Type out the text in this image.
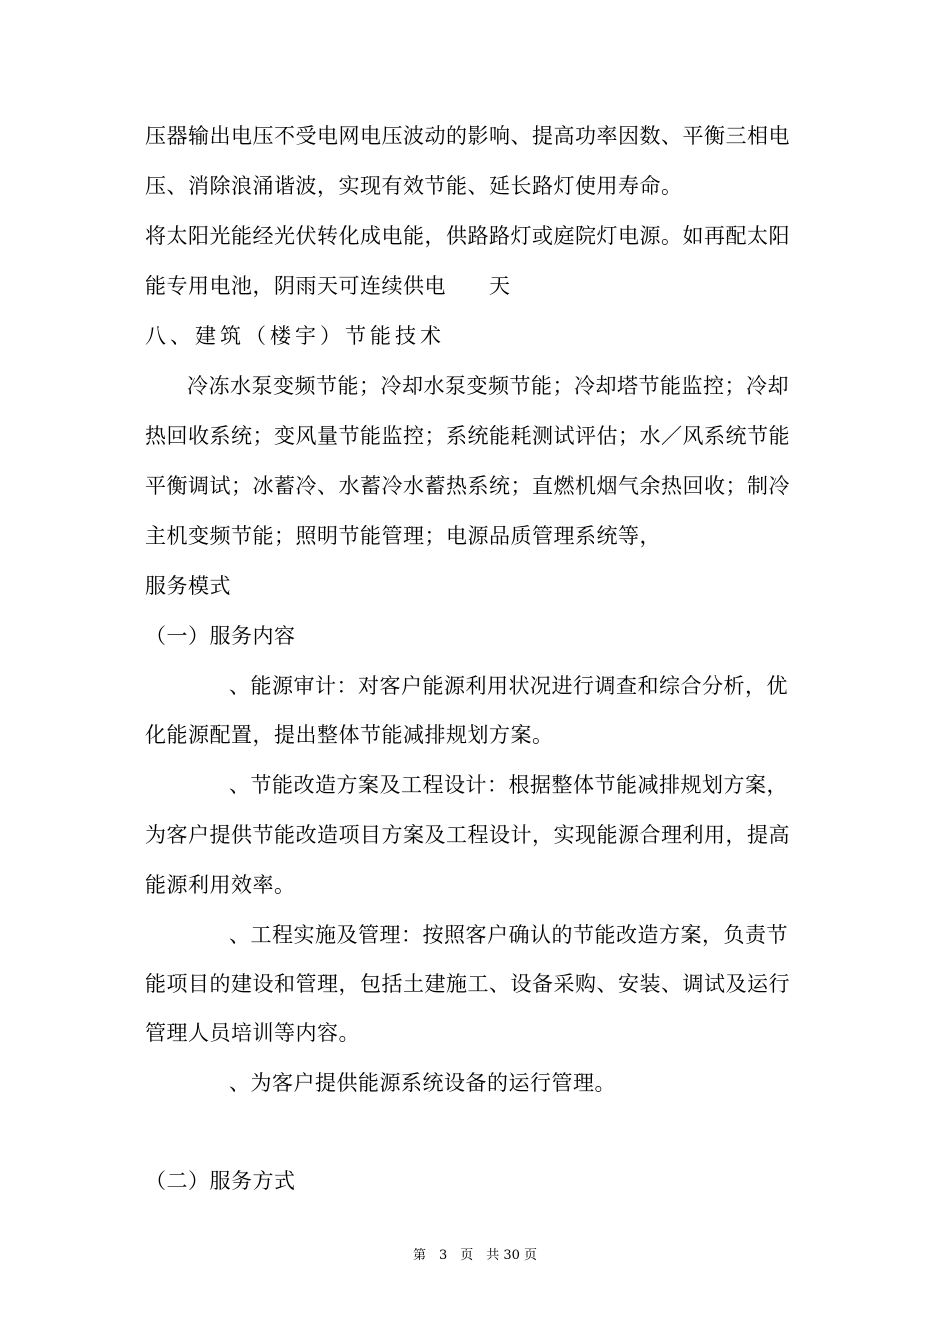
压器输出电压不受电网电压波动的影响、提高功率因数、平衡三相电
压、消除浪涌谐波，实现有效节能、延长路灯使用寿命。
将太阳光能经光伏转化成电能，供路路灯或庭院灯电源。如再配太阳
能专用电池，阴雨天可连续供电　　天
八、建筑（楼宇）节能技术
冷冻水泵变频节能；冷却水泵变频节能；冷却塔节能监控；冷却
热回收系统；变风量节能监控；系统能耗测试评估；水／风系统节能
平衡调试；冰蓄冷、水蓄冷水蓄热系统；直燃机烟气余热回收；制冷
主机变频节能；照明节能管理；电源品质管理系统等，
服务模式
（一）服务内容
、能源审计：对客户能源利用状况进行调查和综合分析，优
化能源配置，提出整体节能减排规划方案。
、节能改造方案及工程设计：根据整体节能减排规划方案，
为客户提供节能改造项目方案及工程设计，实现能源合理利用，提高
能源利用效率。
、工程实施及管理：按照客户确认的节能改造方案，负责节
能项目的建设和管理，包括土建施工、设备采购、安装、调试及运行
管理人员培训等内容。
、为客户提供能源系统设备的运行管理。
（二）服务方式
第　3　页　共 30 页
